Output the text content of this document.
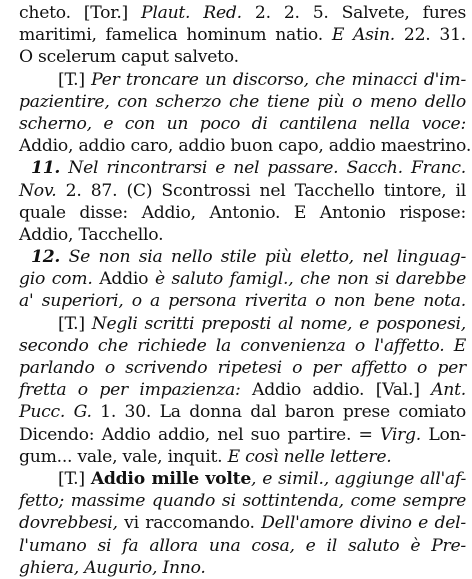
cheto. [Tor.] Plaut. Red. 2. 2. 5. Salvete, fures
maritimi, famelica hominum natio. E Asin. 22. 31.
O scelerum caput salveto.
[T.] Per troncare un discorso, che minacci d'im-
pazientire, con scherzo che tiene più o meno dello
scherno, e con un poco di cantilena nella voce:
Addio, addio caro, addio buon capo, addio maestrino.
11. Nel rincontrarsi e nel passare. Sacch. Franc.
Nov. 2. 87. (C) Scontrossi nel Tacchello tintore, il
quale disse: Addio, Antonio. E Antonio rispose:
Addio, Tacchello.
12. Se non sia nello stile più eletto, nel linguag-
gio com. Addio è saluto famigl., che non si darebbe
a' superiori, o a persona riverita o non bene nota.
[T.] Negli scritti preposti al nome, e posponesi,
secondo che richiede la convenienza o l'affetto. E
parlando o scrivendo ripetesi o per affetto o per
fretta o per impazienza: Addio addio. [Val.] Ant.
Pucc. G. 1. 30. La donna dal baron prese comiato
Dicendo: Addio addio, nel suo partire. = Virg. Lon-
gum... vale, vale, inquit. E così nelle lettere.
[T.] Addio mille volte, e simil., aggiunge all'af-
fetto; massime quando si sottintenda, come sempre
dovrebbesi, vi raccomando. Dell'amore divino e del-
l'umano si fa allora una cosa, e il saluto è Pre-
ghiera, Augurio, Inno.
